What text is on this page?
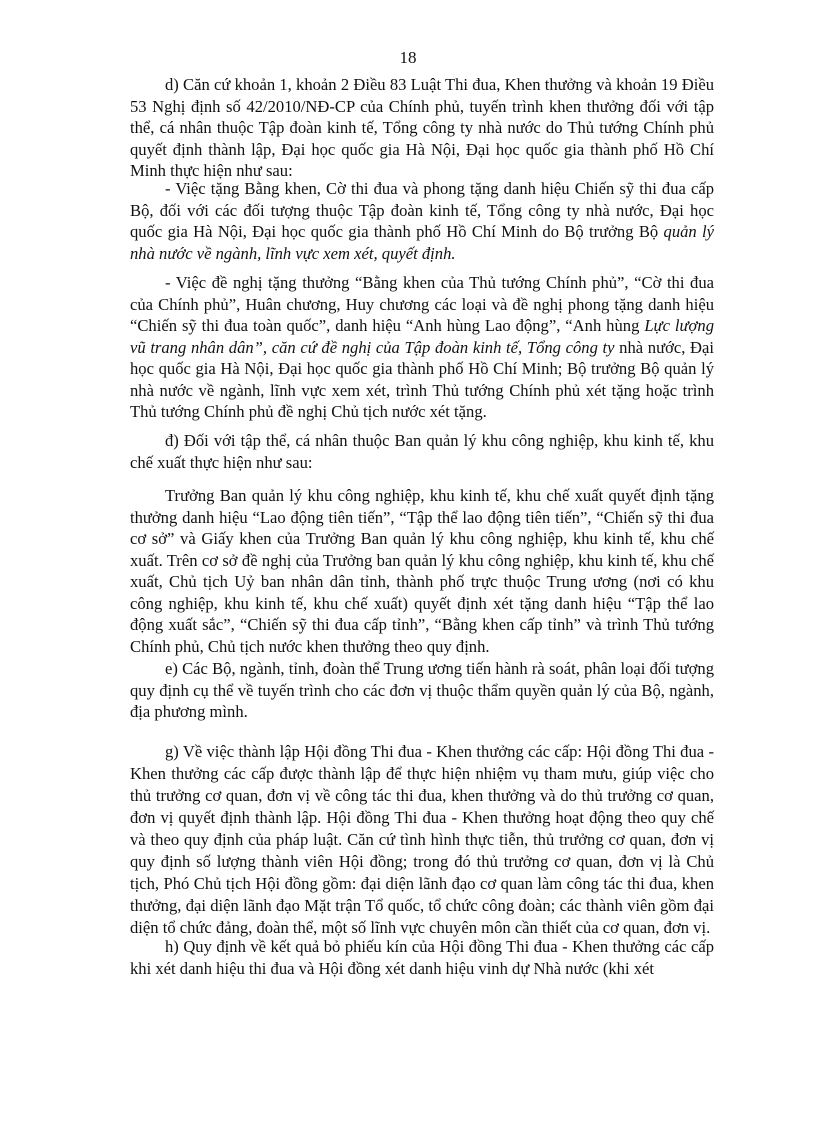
18

d) Căn cứ khoản 1, khoản 2 Điều 83 Luật Thi đua, Khen thưởng và khoản 19 Điều 53 Nghị định số 42/2010/NĐ-CP của Chính phủ, tuyến trình khen thưởng đối với tập thể, cá nhân thuộc Tập đoàn kinh tế, Tổng công ty nhà nước do Thủ tướng Chính phủ quyết định thành lập, Đại học quốc gia Hà Nội, Đại học quốc gia thành phố Hồ Chí Minh thực hiện như sau:

- Việc tặng Bằng khen, Cờ thi đua và phong tặng danh hiệu Chiến sỹ thi đua cấp Bộ, đối với các đối tượng thuộc Tập đoàn kinh tế, Tổng công ty nhà nước, Đại học quốc gia Hà Nội, Đại học quốc gia thành phố Hồ Chí Minh do Bộ trưởng Bộ quản lý nhà nước về ngành, lĩnh vực xem xét, quyết định.

- Việc đề nghị tặng thưởng “Bằng khen của Thủ tướng Chính phủ”, “Cờ thi đua của Chính phủ”, Huân chương, Huy chương các loại và đề nghị phong tặng danh hiệu “Chiến sỹ thi đua toàn quốc”, danh hiệu “Anh hùng Lao động”, “Anh hùng Lực lượng vũ trang nhân dân”, căn cứ đề nghị của Tập đoàn kinh tế, Tổng công ty nhà nước, Đại học quốc gia Hà Nội, Đại học quốc gia thành phố Hồ Chí Minh; Bộ trưởng Bộ quản lý nhà nước về ngành, lĩnh vực xem xét, trình Thủ tướng Chính phủ xét tặng hoặc trình Thủ tướng Chính phủ đề nghị Chủ tịch nước xét tặng.

đ) Đối với tập thể, cá nhân thuộc Ban quản lý khu công nghiệp, khu kinh tế, khu chế xuất thực hiện như sau:

Trưởng Ban quản lý khu công nghiệp, khu kinh tế, khu chế xuất quyết định tặng thưởng danh hiệu “Lao động tiên tiến”, “Tập thể lao động tiên tiến”, “Chiến sỹ thi đua cơ sở” và Giấy khen của Trưởng Ban quản lý khu công nghiệp, khu kinh tế, khu chế xuất. Trên cơ sở đề nghị của Trưởng ban quản lý khu công nghiệp, khu kinh tế, khu chế xuất, Chủ tịch Uỷ ban nhân dân tỉnh, thành phố trực thuộc Trung ương (nơi có khu công nghiệp, khu kinh tế, khu chế xuất) quyết định xét tặng danh hiệu “Tập thể lao động xuất sắc”, “Chiến sỹ thi đua cấp tỉnh”, “Bằng khen cấp tỉnh” và trình Thủ tướng Chính phủ, Chủ tịch nước khen thưởng theo quy định.

e) Các Bộ, ngành, tỉnh, đoàn thể Trung ương tiến hành rà soát, phân loại đối tượng quy định cụ thể về tuyến trình cho các đơn vị thuộc thẩm quyền quản lý của Bộ, ngành, địa phương mình.

g) Về việc thành lập Hội đồng Thi đua - Khen thưởng các cấp: Hội đồng Thi đua - Khen thưởng các cấp được thành lập để thực hiện nhiệm vụ tham mưu, giúp việc cho thủ trưởng cơ quan, đơn vị về công tác thi đua, khen thưởng và do thủ trưởng cơ quan, đơn vị quyết định thành lập. Hội đồng Thi đua - Khen thưởng hoạt động theo quy chế và theo quy định của pháp luật. Căn cứ tình hình thực tiễn, thủ trưởng cơ quan, đơn vị quy định số lượng thành viên Hội đồng; trong đó thủ trưởng cơ quan, đơn vị là Chủ tịch, Phó Chủ tịch Hội đồng gồm: đại diện lãnh đạo cơ quan làm công tác thi đua, khen thưởng, đại diện lãnh đạo Mặt trận Tổ quốc, tổ chức công đoàn; các thành viên gồm đại diện tổ chức đảng, đoàn thể, một số lĩnh vực chuyên môn cần thiết của cơ quan, đơn vị.

h) Quy định về kết quả bỏ phiếu kín của Hội đồng Thi đua - Khen thưởng các cấp khi xét danh hiệu thi đua và Hội đồng xét danh hiệu vinh dự Nhà nước (khi xét
